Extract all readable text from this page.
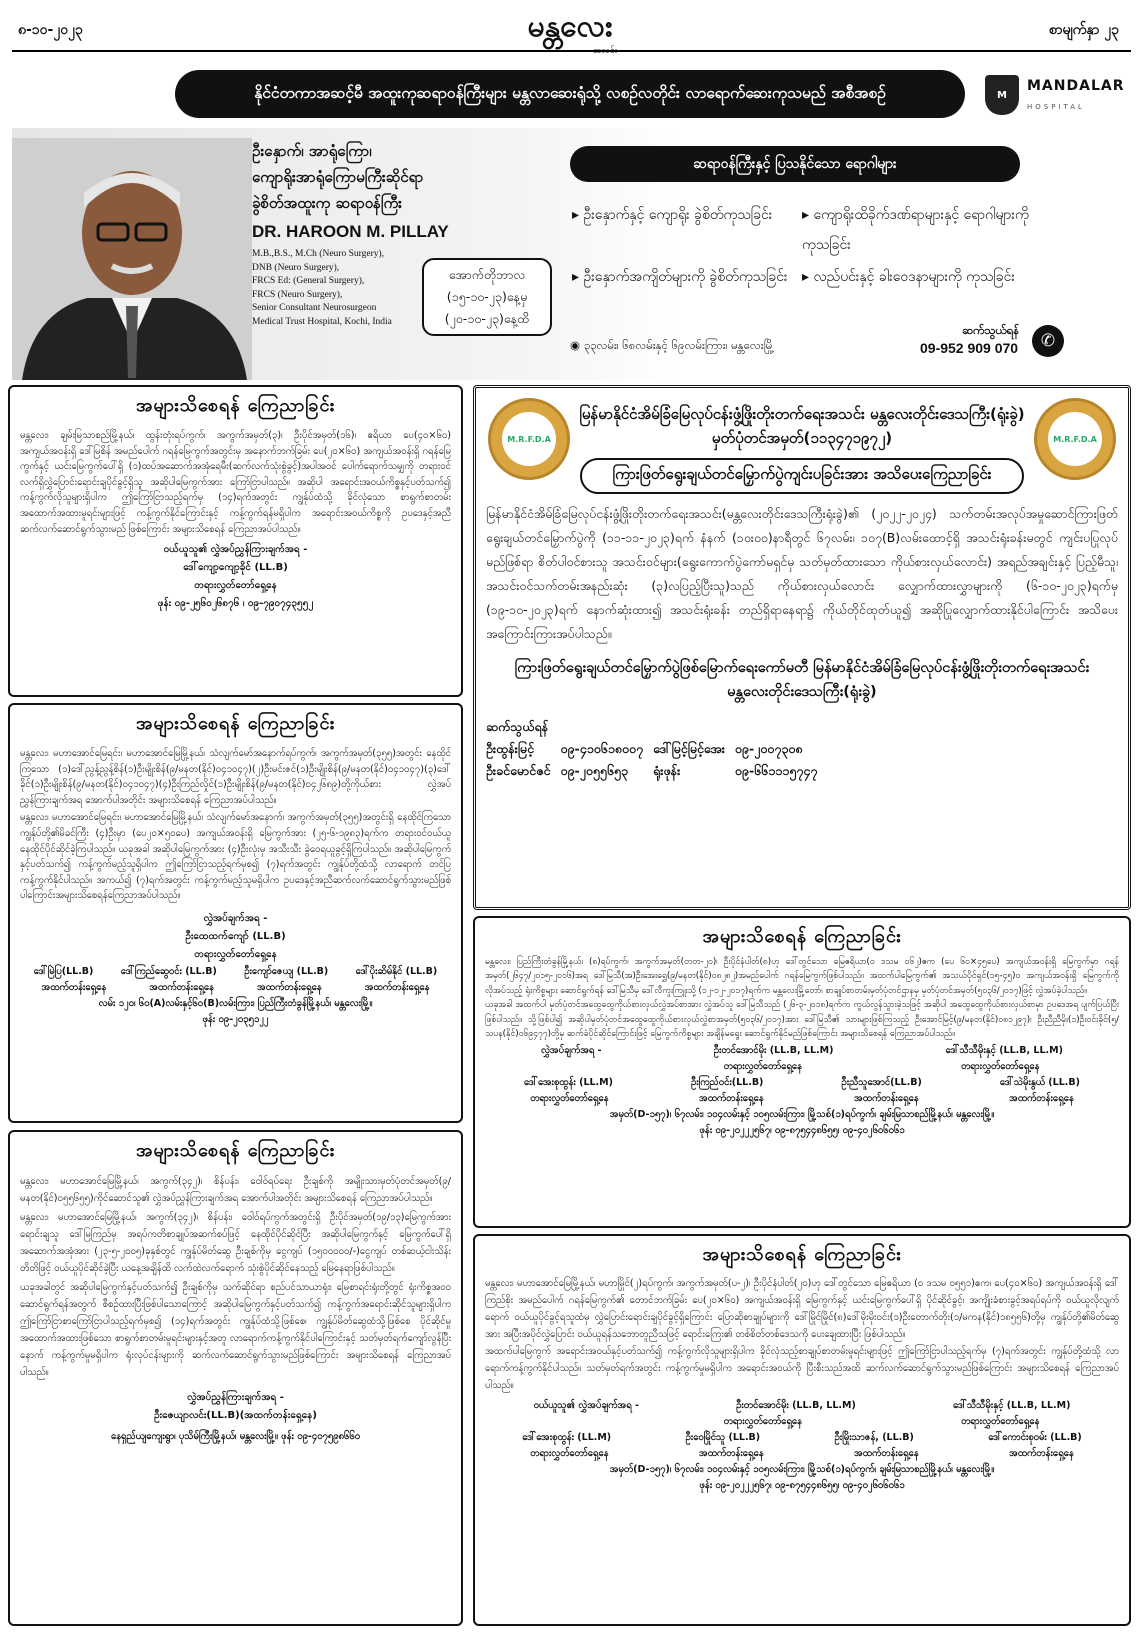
၈-၁၀-၂၀၂၃	မန္တလေး	စာမျက်နှာ ၂၃
နိုင်ငံတကာအဆင့်မီ အထူးကုဆရာဝန်ကြီးများ မန္တလာဆေးရုံသို့ လစဉ်လတိုင်း လာရောက်ဆေးကုသမည် အစီအစဉ်	M
MANDALAR
HOSPITAL
ဦးနှောက်၊ အာရုံကြော၊
ကျောရိုးအာရုံကြောမကြီးဆိုင်ရာ
ခွဲစိတ်အထူးကု ဆရာဝန်ကြီး
DR. HAROON M. PILLAY
M.B.,B.S., M.Ch (Neuro Surgery),
DNB (Neuro Surgery),
FRCS Ed: (General Surgery),
FRCS (Neuro Surgery),
Senior Consultant Neurosurgeon
Medical Trust Hospital, Kochi, India
အောက်တိုဘာလ
(၁၅-၁၀-၂၃)နေ့မှ
(၂၀-၁၀-၂၃)နေ့ထိ
ဆရာဝန်ကြီးနှင့် ပြသနိုင်သော ရောဂါများ
▸ ဦးနှောက်နှင့် ကျောရိုး ခွဲစိတ်ကုသခြင်း	▸ ကျောရိုးထိခိုက်ဒဏ်ရာများနှင့် ရောဂါများကို ကုသခြင်း
▸ ဦးနှောက်အကျိတ်များကို ခွဲစိတ်ကုသခြင်း	▸ လည်ပင်းနှင့် ခါးဝေဒနာများကို ကုသခြင်း
◉ ၃၃လမ်း၊ ၆၈လမ်းနှင့် ၆၉လမ်းကြား၊ မန္တလေးမြို့
ဆက်သွယ်ရန်
09-952 909 070	✆
အများသိစေရန် ကြေညာခြင်း
မန္တလေး၊ ချမ်းမြသာစည်မြို့နယ်၊ ထွန်းတုံးရပ်ကွက်၊ အကွက်အမှတ်(၃)၊ ဦးပိုင်အမှတ်(၁၆)၊ ဧရိယာ ပေ(၄၀×၆၀) အကျယ်အဝန်းရှိ ဒေါ်မြစိန် အမည်ပေါက် ဂရန်မြေကွက်အတွင်းမှ အနောက်ဘက်ခြမ်း ပေ(၂၀×၆၀) အကျယ်အဝန်းရှိ ဂရန်မြေကွက်နှင့် ယင်းမြေကွက်ပေါ်ရှိ (၁)ထပ်အဆောက်အအုံရေမီး(ဆက်လက်သုံးစွဲခွင့်)အပါအဝင် ပေါက်ရောက်သမျှကို တရားဝင်လက်ရှိလွှဲပြောင်းရောင်းချပိုင်ခွင့်ရှိသူ အဆိုပါမြေကွက်အား ကြော်ငြာပါသည်။ အဆိုပါ အရောင်းအဝယ်ကိစ္စနှင့်ပတ်သက်၍ ကန့်ကွက်လိုသူများရှိပါက ဤကြော်ငြာသည့်ရက်မှ (၁၄)ရက်အတွင်း ကျွန်ုပ်ထံသို့ ခိုင်လုံသော စာရွက်စာတမ်း အထောက်အထားမူရင်းများဖြင့် ကန့်ကွက်နိုင်ကြောင်းနှင့် ကန့်ကွက်ရန်မရှိပါက အရောင်းအဝယ်ကိစ္စကို ဥပဒေနှင့်အညီ ဆက်လက်ဆောင်ရွက်သွားမည် ဖြစ်ကြောင်း အများသိစေရန် ကြေညာအပ်ပါသည်။
ဝယ်ယူသူ၏ လွှဲအပ်ညွှန်ကြားချက်အရ -
ဒေါ်ကျော့ကျော့ခိုင် (LL.B)
တရားလွှတ်တော်ရှေ့နေ
ဖုန်း ၀၉-၂၅၆၀၂၆၈၇၆ ၊ ၀၉-၇၉၀၇၄၃၅၅၂
အများသိစေရန် ကြေညာခြင်း
မန္တလေး၊ မဟာအောင်မြေရင်း၊ မဟာအောင်မြေမြို့နယ်၊ သံလျက်မော်အနောက်ရပ်ကွက်၊ အကွက်အမှတ်(၃၅၅)အတွင်း နေထိုင်ကြသော (၁)ဒေါ်ညွန့်ညွန့်စိန်(၁)ဦးမျိုးစိန်(၉/မနတ(နိုင်)၀၄၁၀၄၇)(၂)ဦးမင်းဇင်(၁)ဦးမျိုးစိန်(၉/မနတ(နိုင်)၀၄၁၀၄၇)(၃)ဒေါ်ခိုင်(၁)ဦးမျိုးစိန်(၉/မနတ(နိုင်)၀၄၁၀၄၇)(၄)ဦးကြည်လှိုင်(၁)ဦးမျိုးစိန်(၉/မနတ(နိုင်)၀၄၂၆၈၉)တို့ကိုယ်စား လွှဲအပ်ညွှန်ကြားချက်အရ အောက်ပါအတိုင်း အများသိစေရန် ကြေညာအပ်ပါသည်။
မန္တလေး၊ မဟာအောင်မြေရင်း၊ မဟာအောင်မြေမြို့နယ်၊ သံလျက်မော်အနောက်၊ အကွက်အမှတ်(၃၅၅)အတွင်းရှိ နေထိုင်ကြသော ကျွန်ုပ်တို့၏မိခင်ကြီး (၄)ဦးမှာ (ပေ၂၀×၅၀ပေ) အကျယ်အဝန်းရှိ မြေကွက်အား (၂၅-၆-၁၉၈၃)ရက်က တရားဝင်ဝယ်ယူ နေထိုင်ပိုင်ဆိုင်ခဲ့ကြပါသည်။ ယခုအခါ အဆိုပါမြေကွက်အား (၄)ဦးလုံးမှ အသီးသီး ခွဲဝေရယူခွင့်ရှိကြပါသည်။ အဆိုပါမြေကွက်နှင့်ပတ်သက်၍ ကန့်ကွက်မည့်သူရှိပါက ဤကြော်ငြာသည့်ရက်မှစ၍ (၇)ရက်အတွင်း ကျွန်ုပ်တို့ထံသို့ လာရောက် တင်ပြကန့်ကွက်နိုင်ပါသည်။ အကယ်၍ (၇)ရက်အတွင်း ကန့်ကွက်မည့်သူမရှိပါက ဥပဒေနှင့်အညီဆက်လက်ဆောင်ရွက်သွားမည်ဖြစ်ပါကြောင်းအများသိစေရန်ကြေညာအပ်ပါသည်။
လွှဲအပ်ချက်အရ -
ဦးထေထက်ကျော် (LL.B)
တရားလွှတ်တော်ရှေ့နေ
ဒေါ်မြဲပြ(LL.B)	ဒေါ်ကြည်ဆွေဝင်း (LL.B)	ဦးကျော်ဇေယျ (LL.B)	ဒေါ်ပိုးဆိမ်နိုင် (LL.B)
အထက်တန်းရှေ့နေ	အထက်တန်းရှေ့နေ	အထက်တန်းရှေ့နေ	အထက်တန်းရှေ့နေ
လမ်း ၁၂၀၊ ၆၀(A)လမ်းနှင့်၆၀(B)လမ်းကြား၊ ပြည်ကြီးတံခွန်မြို့နယ်၊ မန္တလေးမြို့။
ဖုန်း ၀၉-၂၀၃၅၁၂၂
အများသိစေရန် ကြေညာခြင်း
မန္တလေး၊ မဟာအောင်မြေမြို့နယ်၊ အကွက်(၃၄၂)၊ စိန်ပန်း၊ ဝေါဝ်ရပ်ရေး ဦးချစ်ကို အမျိုးသားမှတ်ပုံတင်အမှတ်(၉/မနတ(နိုင်)၀၅၅၆၅၅)ကိုင်ဆောင်သူ၏ လွှဲအပ်ညွှန်ကြားချက်အရ အောက်ပါအတိုင်း အများသိစေရန် ကြေညာအပ်ပါသည်။
မန္တလေး၊ မဟာအောင်မြေမြို့နယ်၊ အကွက်(၃၄၂)၊ စိန်ပန်း၊ ဝေါဝ်ရပ်ကွက်အတွင်းရှိ ဦးပိုင်အမှတ်(၁၉/၁၃)မြေကွက်အား ရောင်းချသူ ဒေါ်မြကြည်မှ အရပ်ကတိစာချုပ်အဆက်စပ်ဖြင့် နေထိုင်ပိုင်ဆိုင်ပြီး အဆိုပါမြေကွက်နှင့် မြေကွက်ပေါ်ရှိ အဆောက်အအုံအား (၂၃-၅-၂၀၀၅)ခုနှစ်တွင် ကျွန်ုပ်မိတ်ဆွေ ဦးချစ်ကိုမှ ငွေကျပ် (၁၅၀၀၀၀၀/-)ငွေကျပ် တစ်ဆယ့်ငါးသိန်းတိတိဖြင့် ဝယ်ယူပိုင်ဆိုင်ခဲ့ပြီး ယနေ့အချိန်ထိ လက်ထဲလက်ရောက် သုံးစွဲပိုင်ဆိုင်နေသည့် မြေနေရာဖြစ်ပါသည်။
ယခုအခါတွင် အဆိုပါမြေကွက်နှင့်ပတ်သက်၍ ဦးချစ်ကိုမှ သက်ဆိုင်ရာ စည်ပင်သာယာရုံး၊ မြေစာရင်းရုံးတို့တွင် ရုံးကိစ္စအဝဝဆောင်ရွက်ရန်အတွက် စီစဉ်ထားပြီးဖြစ်ပါသောကြောင့် အဆိုပါမြေကွက်နှင့်ပတ်သက်၍ ကန့်ကွက်အရောင်းဆိုင်သူများရှိပါက ဤကြော်ငြာစာကြော်ငြာပါသည့်ရက်မှစ၍ (၁၄)ရက်အတွင်း ကျွန်ုပ်ထံသို့ဖြစ်စေ၊ ကျွန်ုပ်မိတ်ဆွေထံသို့ဖြစ်စေ ပိုင်ဆိုင်မှုအထောက်အထားဖြစ်သော စာရွက်စာတမ်းမူရင်းများနှင့်အတူ လာရောက်ကန့်ကွက်နိုင်ပါကြောင်းနှင့် သတ်မှတ်ရက်ကျော်လွန်ပြီးနောက် ကန့်ကွက်မှုမရှိပါက ရုံးလုပ်ငန်းများကို ဆက်လက်ဆောင်ရွက်သွားမည်ဖြစ်ကြောင်း အများသိစေရန် ကြေညာအပ်ပါသည်။
လွှဲအပ်ညွှန်ကြားချက်အရ -
ဦးဇေယျာလင်း(LL.B)(အထက်တန်းရှေ့နေ)
နေရှည်ယျကျေးရွာ၊ ပုသိမ်ကြီးမြို့နယ်၊ မန္တလေးမြို့။ ဖုန်း ၀၉-၄၀၇၅၉၈၆၆၀
M.R.F.D.A	M.R.F.D.A
မြန်မာနိုင်ငံအိမ်ခြံမြေလုပ်ငန်းဖွံ့ဖြိုးတိုးတက်ရေးအသင်း မန္တလေးတိုင်းဒေသကြီး(ရုံးခွဲ) မှတ်ပုံတင်အမှတ်(၁၁၃၄၇၁၉၇၂)
ကြားဖြတ်ရွေးချယ်တင်မြှောက်ပွဲကျင်းပခြင်းအား အသိပေးကြေညာခြင်း
မြန်မာနိုင်ငံအိမ်ခြံမြေလုပ်ငန်းဖွံ့ဖြိုးတိုးတက်ရေးအသင်း(မန္တလေးတိုင်းဒေသကြီးရုံးခွဲ)၏ (၂၀၂၂-၂၀၂၄) သက်တမ်းအလုပ်အမှုဆောင်ကြားဖြတ်ရွေးချယ်တင်မြှောက်ပွဲကို (၁၁-၁၁-၂၀၂၃)ရက် နံနက် (၁၀း၀၀)နာရီတွင် ၆၇လမ်း၊ ၁၀၇(B)လမ်းထောင့်ရှိ အသင်းရုံးခန်းမတွင် ကျင်းပပြုလုပ်မည်ဖြစ်ရာ စိတ်ပါဝင်စားသူ အသင်းဝင်များ(ရွေးကောက်ပွဲကော်မရှင်မှ သတ်မှတ်ထားသော ကိုယ်စားလှယ်လောင်း) အရည်အချင်းနှင့် ပြည့်မီသူ၊ အသင်းဝင်သက်တမ်းအနည်းဆုံး (၃)လပြည့်ပြီးသူ)သည် ကိုယ်စားလှယ်လောင်း လျှောက်ထားလွှာများကို (၆-၁၀-၂၀၂၃)ရက်မှ (၁၉-၁၀-၂၀၂၃)ရက် နောက်ဆုံးထား၍ အသင်းရုံးခန်း တည်ရှိရာနေရာ၌ ကိုယ်တိုင်ထုတ်ယူ၍ အဆိုပြုလျှောက်ထားနိုင်ပါကြောင်း အသိပေးအကြောင်းကြားအပ်ပါသည်။
ကြားဖြတ်ရွေးချယ်တင်မြှောက်ပွဲဖြစ်မြောက်ရေးကော်မတီ မြန်မာနိုင်ငံအိမ်ခြံမြေလုပ်ငန်းဖွံ့ဖြိုးတိုးတက်ရေးအသင်း မန္တလေးတိုင်းဒေသကြီး(ရုံးခွဲ)
ဆက်သွယ်ရန်
ဦးထွန်းမြင့်	၀၉-၄၁၀၆၁၈၀၀၇	ဒေါ်မြင့်မြင့်အေး	၀၉-၂၀၀၇၃၀၈
ဦးခင်မောင်ဇင်	၀၉-၂၀၅၅၆၅၃	ရုံးဖုန်း	၀၉-၆၆၁၁၁၅၇၄၇
အများသိစေရန် ကြေညာခြင်း
မန္တလေး၊ ပြည်ကြီးတံခွန်မြို့နယ်၊ (၈)ရပ်ကွက်၊ အကွက်အမှတ်(တတ-၂၀)၊ ဦးပိုင်နံပါတ်(၈)ဟု ဒေါ်တွင်သော မြေဧရိယာ(၀ ဒသမ ၀၆၂)ဧက (ပေ ၆၀×၄၅ပေ) အကျယ်အဝန်းရှိ မြေကွက်မှာ ဂရန်အမှတ်(၂၆၄၇/၂၀၁၅-၂၀၁၆)အရ ဒေါ်မြသီ(အ)ဦးအေးရွှေ(၉/မနတ(နိုင်)၀၈၂၈၂)အမည်ပေါက် ဂရန်မြေကွက်ဖြစ်ပါသည်။ အထက်ပါမြေကွက်၏ အသယ်ပိုင်ရှင်(၁၅-၄၅)ဝ အကျယ်အဝန်းရှိ မြေကွက်ကို လိုအပ်သည့် ရုံးကိစ္စများ ဆောင်ရွက်ရန် ဒေါ်မြသီမှ ဒေါ်လီကူးကြူးသို့ (၁၂-၁၂-၂၀၁၇)ရက်က မန္တလေးမြို့တော်၊ စာချုပ်စာတမ်းမှတ်ပုံတင်ဌာနမှ မှတ်ပုံတင်အမှတ်(၅၀၃၆/၂၀၁၇)ဖြင့် လွှဲအပ်ခဲ့ပါသည်။
ယခုအခါ အထက်ပါ မှတ်ပုံတင်အထွေထွေကိုယ်စားလှယ်လွှဲအပ်စာအား လွှဲအပ်သူ ဒေါ်မြသီသည် (၂၆-၃-၂၀၁၈)ရက်က ကွယ်လွန်သွားခဲ့သဖြင့် အဆိုပါ အထွေထွေကိုယ်စားလှယ်စာမှာ ဥပဒေအရ ပျက်ပြယ်ပြီးဖြစ်ပါသည်။ သို့ဖြစ်ပါ၍ အဆိုပါမှတ်ပုံတင်အထွေထွေကိုယ်စားလှယ်လွှဲစာအမှတ်(၅၀၃၆/၂၀၁၇)အား ဒေါ်မြသီ၏ သားများဖြစ်ကြသည့် ဦးအောင်မြင့်(၉/မနတ(နိုင်)၀၈၁၂၉၇)၊ ဦးညီညီမိုး(၁)ဦးဝင်းခိုင်(၅/သပန(နိုင်)၀၆၉၄၇၇)တို့မှ ဆက်ခံပိုင်ဆိုင်ကြောင်းဖြင့် မြေကွက်ကိစ္စများ အချိန်မရွေး ဆောင်ရွက်နိုင်မည်ဖြစ်ကြောင်း အများသိစေရန် ကြေညာအပ်ပါသည်။
လွှဲအပ်ချက်အရ -	ဦးတင်အောင်မိုး (LL.B, LL.M)	ဒေါ်သီသီမိုးနှင့် (LL.B, LL.M)
တရားလွှတ်တော်ရှေ့နေ	တရားလွှတ်တော်ရှေ့နေ
ဒေါ်အေးစုထွန်း (LL.M)	ဦးကြည်ဝင်း(LL.B)	ဦးညီသူအောင်(LL.B)	ဒေါ်သဲမိုးနွယ် (LL.B)
တရားလွှတ်တော်ရှေ့နေ	အထက်တန်းရှေ့နေ	အထက်တန်းရှေ့နေ	အထက်တန်းရှေ့နေ
အမှတ်(D-၁၅၇)၊ ၆၇လမ်း၊ ၁၀၄လမ်းနှင့် ၁၀၅လမ်းကြား၊ မြို့သစ်(၁)ရပ်ကွက်၊ ချမ်းမြသာစည်မြို့နယ်၊ မန္တလေးမြို့။
ဖုန်း ၀၉-၂၀၂၂၂၅၆၇၊ ၀၉-၈၇၅၄၄၈၆၅၅၊ ၀၉-၄၀၂၆၀၆၀၆၁
အများသိစေရန် ကြေညာခြင်း
မန္တလေး၊ မဟာအောင်မြေမြို့နယ်၊ မဟာမြိုင်(၂)ရပ်ကွက်၊ အကွက်အမှတ်(ပ-၂)၊ ဦးပိုင်နံပါတ်(၂၀)ဟု ဒေါ်တွင်သော မြေဧရိယာ (၀ ဒသမ ၀၅၅၁)ဧက၊ ပေ(၄၀×၆၀) အကျယ်အဝန်းရှိ ဒေါ်ကြည်စိုး အမည်ပေါက် ဂရန်မြေကွက်၏ တောင်ဘက်ခြမ်း ပေ(၂၀×၆၀) အကျယ်အဝန်းရှိ မြေကွက်နှင့် ယင်းမြေကွက်ပေါ်ရှိ ပိုင်ဆိုင်ခွင့်၊ အကျိုးခံစားခွင့်အရပ်ရပ်ကို ဝယ်ယူလိုလျက်ရောက် ဝယ်ယူပိုင်ခွင့်ရသူထံမှ လွှဲပြောင်းရောင်းချပိုင်ခွင့်ရှိကြောင်း ပြောဆိုစာချုပ်များကို ဒေါ်မြိုင်မြိုင်(၈)ဒေါ်မိုးမိုးဝင်း(၁)ဦးတောက်တိုး(၁/မကန(နိုင်)၁၈၅၅၆)တို့မှ ကျွန်ုပ်တို့၏မိတ်ဆွေအား အပြီးအပိုင်လွှဲပြောင်း ဝယ်ယူရန်သဘောတူညီသဖြင့် ရောင်းကြေး၏ တစ်စိတ်တစ်ဒေသကို ပေးချေထားပြီး ဖြစ်ပါသည်။
အထက်ပါမြေကွက် အရောင်းအဝယ်နှင့်ပတ်သက်၍ ကန့်ကွက်လိုသူများရှိပါက ခိုင်လုံသည့်စာချုပ်စာတမ်းမူရင်းများဖြင့် ဤကြော်ငြာပါသည့်ရက်မှ (၇)ရက်အတွင်း ကျွန်ုပ်တို့ထံသို့ လာရောက်ကန့်ကွက်နိုင်ပါသည်။ သတ်မှတ်ရက်အတွင်း ကန့်ကွက်မှုမရှိပါက အရောင်းအဝယ်ကို ပြီးစီးသည်အထိ ဆက်လက်ဆောင်ရွက်သွားမည်ဖြစ်ကြောင်း အများသိစေရန် ကြေညာအပ်ပါသည်။
ဝယ်ယူသူ၏ လွှဲအပ်ချက်အရ -	ဦးတင်အောင်မိုး (LL.B, LL.M)	ဒေါ်သီသီမိုးနှင့် (LL.B, LL.M)
တရားလွှတ်တော်ရှေ့နေ	တရားလွှတ်တော်ရှေ့နေ
ဒေါ်အေးစုထွန်း (LL.M)	ဦးဝေမြိုင်သူ (LL.B)	ဦးမြိုးသာဇန်, (LL.B)	ဒေါ်ကောင်းစုဝမ်း (LL.B)
တရားလွှတ်တော်ရှေ့နေ	အထက်တန်းရှေ့နေ	အထက်တန်းရှေ့နေ	အထက်တန်းရှေ့နေ
အမှတ်(D-၁၅၇)၊ ၆၇လမ်း၊ ၁၀၄လမ်းနှင့် ၁၀၅လမ်းကြား၊ မြို့သစ်(၁)ရပ်ကွက်၊ ချမ်းမြသာစည်မြို့နယ်၊ မန္တလေးမြို့။
ဖုန်း ၀၉-၂၀၂၂၂၅၆၇၊ ၀၉-၈၇၅၄၄၈၆၅၅၊ ၀၉-၄၀၂၆၀၆၀၆၁
